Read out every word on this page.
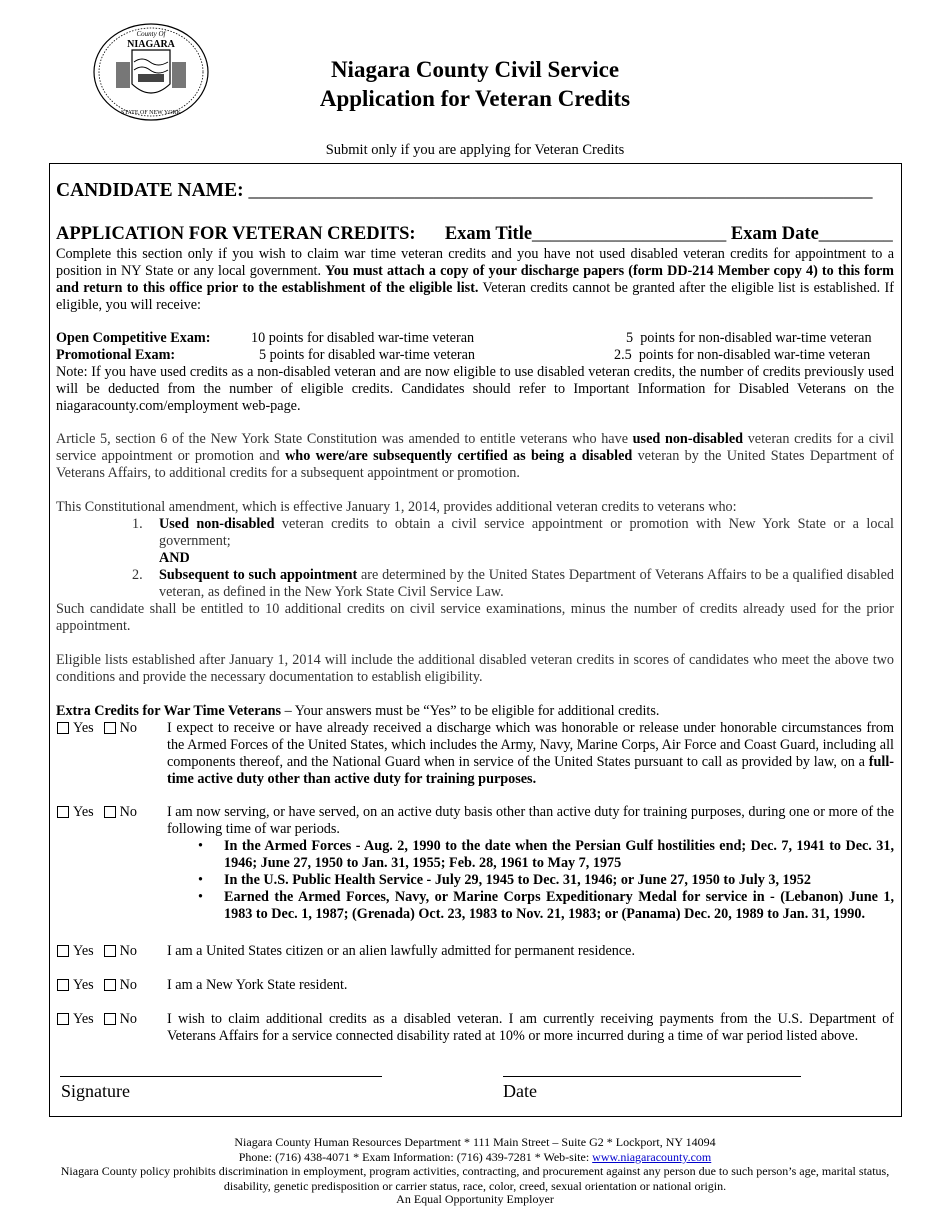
County Of
NIAGARA
STATE OF NEW YORK
Niagara County Civil Service
Application for Veteran Credits
Submit only if you are applying for Veteran Credits
CANDIDATE NAME: ________________________________________________________________
APPLICATION FOR VETERAN CREDITS: Exam Title_____________________ Exam Date________
Complete this section only if you wish to claim war time veteran credits and you have not used disabled veteran credits for appointment to a position in NY State or any local government. You must attach a copy of your discharge papers (form DD-214 Member copy 4) to this form and return to this office prior to the establishment of the eligible list. Veteran credits cannot be granted after the eligible list is established. If eligible, you will receive:
Open Competitive Exam:	10 points for disabled war-time veteran	5  points for non-disabled war-time veteran
Promotional Exam:	5 points for disabled war-time veteran	2.5  points for non-disabled war-time veteran
Note: If you have used credits as a non-disabled veteran and are now eligible to use disabled veteran credits, the number of credits previously used will be deducted from the number of eligible credits. Candidates should refer to Important Information for Disabled Veterans on the niagaracounty.com/employment web-page.
Article 5, section 6 of the New York State Constitution was amended to entitle veterans who have used non-disabled veteran credits for a civil service appointment or promotion and who were/are subsequently certified as being a disabled veteran by the United States Department of Veterans Affairs, to additional credits for a subsequent appointment or promotion.
This Constitutional amendment, which is effective January 1, 2014, provides additional veteran credits to veterans who:
1. Used non-disabled veteran credits to obtain a civil service appointment or promotion with New York State or a local government;
AND
2. Subsequent to such appointment are determined by the United States Department of Veterans Affairs to be a qualified disabled veteran, as defined in the New York State Civil Service Law.
Such candidate shall be entitled to 10 additional credits on civil service examinations, minus the number of credits already used for the prior appointment.
Eligible lists established after January 1, 2014 will include the additional disabled veteran credits in scores of candidates who meet the above two conditions and provide the necessary documentation to establish eligibility.
Extra Credits for War Time Veterans – Your answers must be “Yes” to be eligible for additional credits.
Yes No I expect to receive or have already received a discharge which was honorable or release under honorable circumstances from the Armed Forces of the United States, which includes the Army, Navy, Marine Corps, Air Force and Coast Guard, including all components thereof, and the National Guard when in service of the United States pursuant to call as provided by law, on a full-time active duty other than active duty for training purposes.
Yes No I am now serving, or have served, on an active duty basis other than active duty for training purposes, during one or more of the following time of war periods.
• In the Armed Forces - Aug. 2, 1990 to the date when the Persian Gulf hostilities end; Dec. 7, 1941 to Dec. 31, 1946; June 27, 1950 to Jan. 31, 1955; Feb. 28, 1961 to May 7, 1975
• In the U.S. Public Health Service - July 29, 1945 to Dec. 31, 1946; or June 27, 1950 to July 3, 1952
• Earned the Armed Forces, Navy, or Marine Corps Expeditionary Medal for service in - (Lebanon) June 1, 1983 to Dec. 1, 1987; (Grenada) Oct. 23, 1983 to Nov. 21, 1983; or (Panama) Dec. 20, 1989 to Jan. 31, 1990.
Yes No I am a United States citizen or an alien lawfully admitted for permanent residence.
Yes No I am a New York State resident.
Yes No I wish to claim additional credits as a disabled veteran. I am currently receiving payments from the U.S. Department of Veterans Affairs for a service connected disability rated at 10% or more incurred during a time of war period listed above.
Signature	Date
Niagara County Human Resources Department * 111 Main Street – Suite G2 * Lockport, NY 14094
Phone: (716) 438-4071 * Exam Information: (716) 439-7281 * Web-site: www.niagaracounty.com
Niagara County policy prohibits discrimination in employment, program activities, contracting, and procurement against any person due to such person’s age, marital status, disability, genetic predisposition or carrier status, race, color, creed, sexual orientation or national origin.
An Equal Opportunity Employer
